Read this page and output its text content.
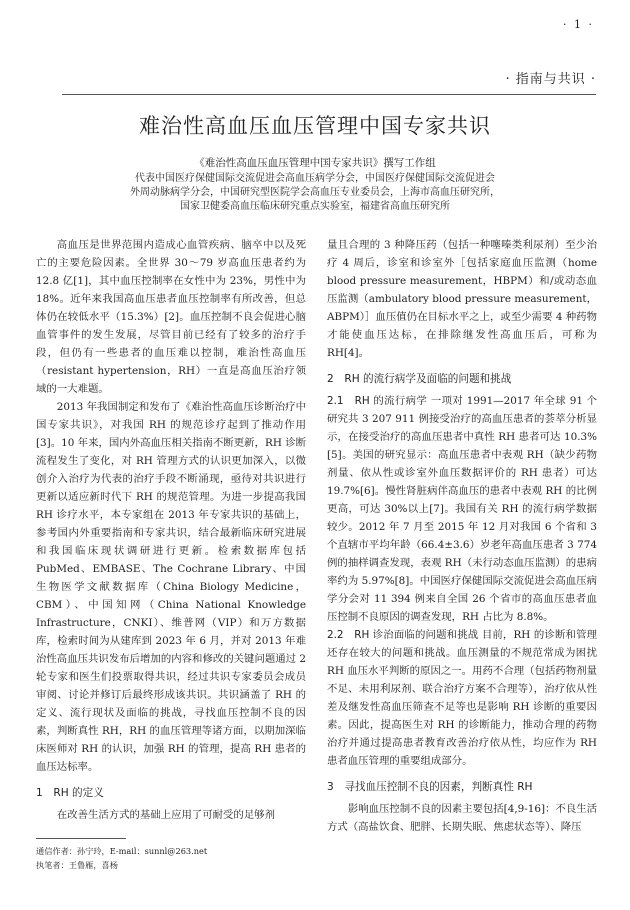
· 1 ·
· 指南与共识 ·
难治性高血压血压管理中国专家共识
《难治性高血压血压管理中国专家共识》撰写工作组
代表中国医疗保健国际交流促进会高血压病学分会，中国医疗保健国际交流促进会
外周动脉病学分会，中国研究型医院学会高血压专业委员会，上海市高血压研究所，
国家卫健委高血压临床研究重点实验室，福建省高血压研究所

高血压是世界范围内造成心血管疾病、脑卒中以及死亡的主要危险因素。全世界 30～79 岁高血压患者约为 12.8 亿[1]，其中血压控制率在女性中为 23%，男性中为 18%。近年来我国高血压患者血压控制率有所改善，但总体仍在较低水平（15.3%）[2]。血压控制不良会促进心脑血管事件的发生发展，尽管目前已经有了较多的治疗手段，但仍有一些患者的血压难以控制，难治性高血压（resistant hypertension，RH）一直是高血压治疗领域的一大难题。

2013 年我国制定和发布了《难治性高血压诊断治疗中国专家共识》，对我国 RH 的规范诊疗起到了推动作用[3]。10 年来，国内外高血压相关指南不断更新，RH 诊断流程发生了变化，对 RH 管理方式的认识更加深入，以微创介入治疗为代表的治疗手段不断涌现，亟待对共识进行更新以适应新时代下 RH 的规范管理。为进一步提高我国 RH 诊疗水平，本专家组在 2013 年专家共识的基础上，参考国内外重要指南和专家共识，结合最新临床研究进展和我国临床现状调研进行更新。检索数据库包括 PubMed、EMBASE、The Cochrane Library、中国生物医学文献数据库（China Biology Medicine，CBM）、中国知网（China National Knowledge Infrastructure，CNKI）、维普网（VIP）和万方数据库，检索时间为从建库到 2023 年 6 月，并对 2013 年难治性高血压共识发布后增加的内容和修改的关键问题通过 2 轮专家和医生们投票取得共识，经过共识专家委员会成员审阅、讨论并修订后最终形成该共识。共识涵盖了 RH 的定义、流行现状及面临的挑战，寻找血压控制不良的因素，判断真性 RH，RH 的血压管理等诸方面，以期加深临床医师对 RH 的认识，加强 RH 的管理，提高 RH 患者的血压达标率。

1　RH 的定义

在改善生活方式的基础上应用了可耐受的足够剂

量且合理的 3 种降压药（包括一种噻嗪类利尿剂）至少治疗 4 周后，诊室和诊室外［包括家庭血压监测（home blood pressure measurement，HBPM）和/或动态血压监测（ambulatory blood pressure measurement，ABPM）］血压值仍在目标水平之上，或至少需要 4 种药物才能使血压达标，在排除继发性高血压后，可称为 RH[4]。

2　RH 的流行病学及面临的问题和挑战

2.1　RH 的流行病学 一项对 1991—2017 年全球 91 个研究共 3 207 911 例接受治疗的高血压患者的荟萃分析显示，在接受治疗的高血压患者中真性 RH 患者可达 10.3%[5]。美国的研究显示：高血压患者中表观 RH（缺少药物剂量、依从性或诊室外血压数据评价的 RH 患者）可达 19.7%[6]。慢性肾脏病伴高血压的患者中表观 RH 的比例更高，可达 30%以上[7]。我国有关 RH 的流行病学数据较少。2012 年 7 月至 2015 年 12 月对我国 6 个省和 3 个直辖市平均年龄（66.4±3.6）岁老年高血压患者 3 774 例的抽样调查发现，表观 RH（未行动态血压监测）的患病率约为 5.97%[8]。中国医疗保健国际交流促进会高血压病学分会对 11 394 例来自全国 26 个省市的高血压患者血压控制不良原因的调查发现，RH 占比为 8.8%。

2.2　RH 诊治面临的问题和挑战 目前，RH 的诊断和管理还存在较大的问题和挑战。血压测量的不规范常成为困扰 RH 血压水平判断的原因之一。用药不合理（包括药物剂量不足、未用利尿剂、联合治疗方案不合理等），治疗依从性差及继发性高血压筛查不足等也是影响 RH 诊断的重要因素。因此，提高医生对 RH 的诊断能力，推动合理的药物治疗并通过提高患者教育改善治疗依从性，均应作为 RH 患者血压管理的重要组成部分。

3　寻找血压控制不良的因素，判断真性 RH

影响血压控制不良的因素主要包括[4,9-16]：不良生活方式（高盐饮食、肥胖、长期失眠、焦虑状态等）、降压

通信作者：孙宁玲，E-mail：sunnl@263.net
执笔者：王鲁雁，喜杨
